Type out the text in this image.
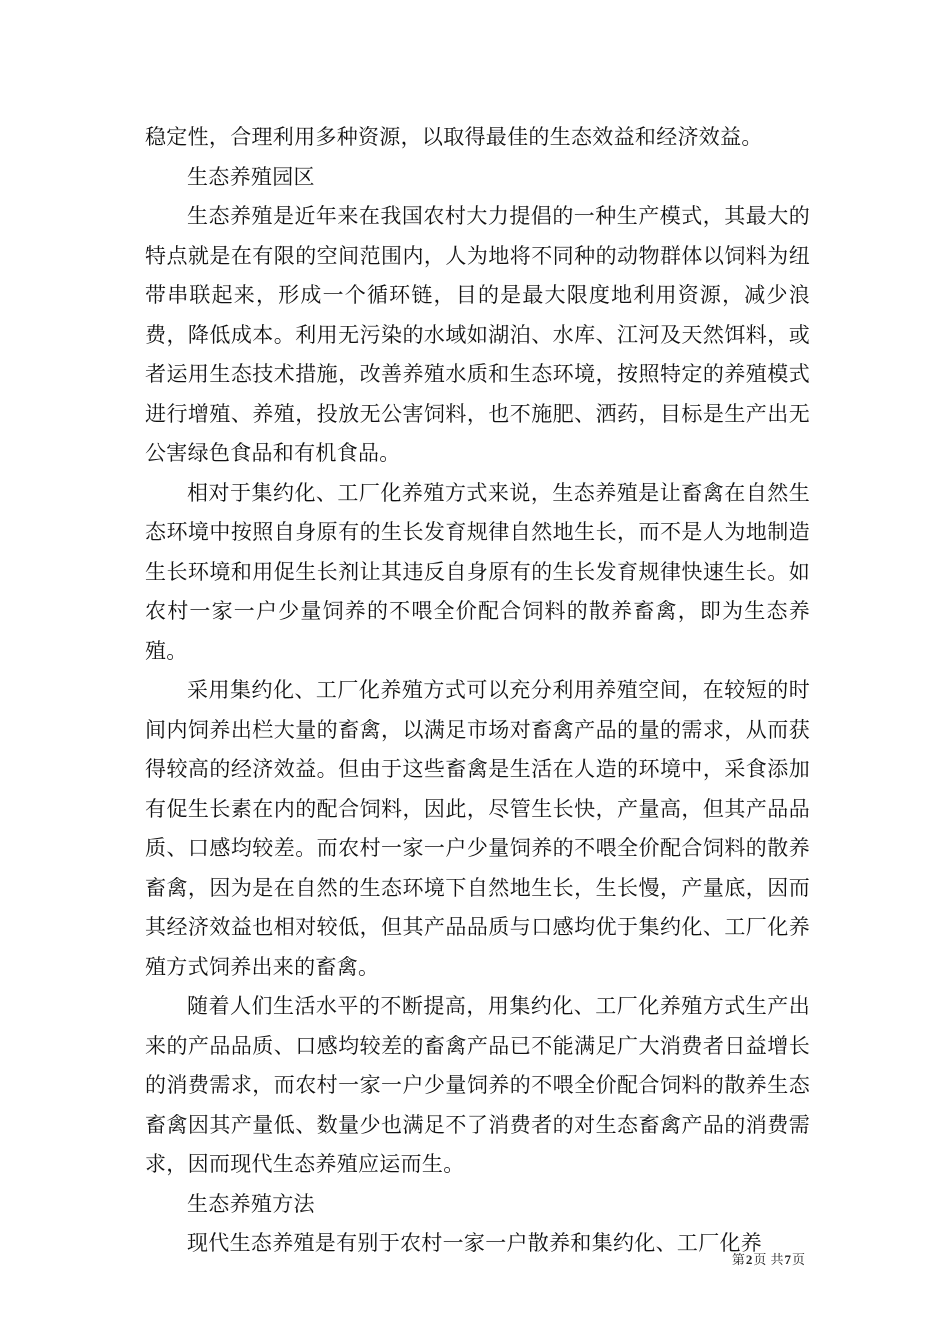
稳定性，合理利用多种资源，以取得最佳的生态效益和经济效益。

生态养殖园区

生态养殖是近年来在我国农村大力提倡的一种生产模式，其最大的特点就是在有限的空间范围内，人为地将不同种的动物群体以饲料为纽带串联起来，形成一个循环链，目的是最大限度地利用资源，减少浪费，降低成本。利用无污染的水域如湖泊、水库、江河及天然饵料，或者运用生态技术措施，改善养殖水质和生态环境，按照特定的养殖模式进行增殖、养殖，投放无公害饲料，也不施肥、洒药，目标是生产出无公害绿色食品和有机食品。

相对于集约化、工厂化养殖方式来说，生态养殖是让畜禽在自然生态环境中按照自身原有的生长发育规律自然地生长，而不是人为地制造生长环境和用促生长剂让其违反自身原有的生长发育规律快速生长。如农村一家一户少量饲养的不喂全价配合饲料的散养畜禽，即为生态养殖。

采用集约化、工厂化养殖方式可以充分利用养殖空间，在较短的时间内饲养出栏大量的畜禽，以满足市场对畜禽产品的量的需求，从而获得较高的经济效益。但由于这些畜禽是生活在人造的环境中，采食添加有促生长素在内的配合饲料，因此，尽管生长快，产量高，但其产品品质、口感均较差。而农村一家一户少量饲养的不喂全价配合饲料的散养畜禽，因为是在自然的生态环境下自然地生长，生长慢，产量底，因而其经济效益也相对较低，但其产品品质与口感均优于集约化、工厂化养殖方式饲养出来的畜禽。

随着人们生活水平的不断提高，用集约化、工厂化养殖方式生产出来的产品品质、口感均较差的畜禽产品已不能满足广大消费者日益增长的消费需求，而农村一家一户少量饲养的不喂全价配合饲料的散养生态畜禽因其产量低、数量少也满足不了消费者的对生态畜禽产品的消费需求，因而现代生态养殖应运而生。

生态养殖方法

现代生态养殖是有别于农村一家一户散养和集约化、工厂化养

第2页 共7页
